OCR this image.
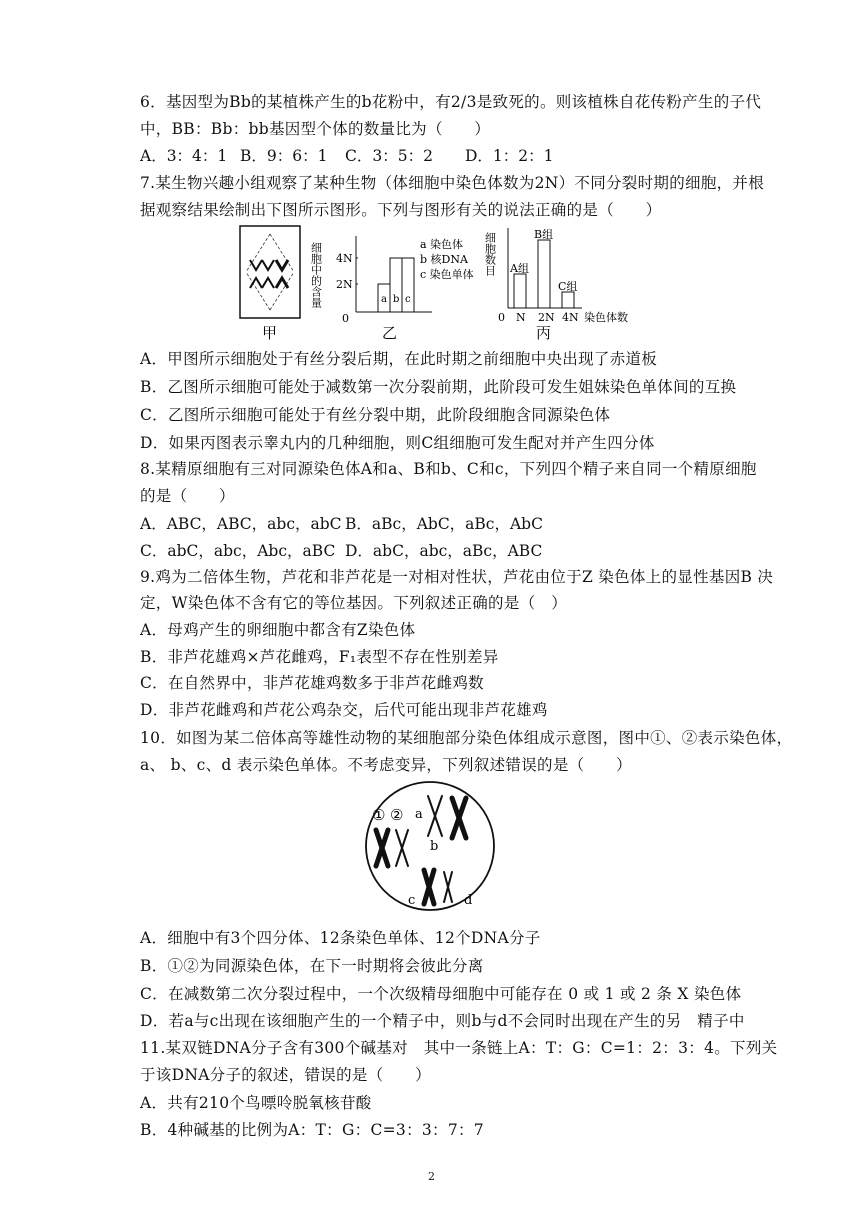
6．基因型为Bb的某植株产生的b花粉中，有2/3是致死的。则该植株自花传粉产生的子代
中，BB：Bb：bb基因型个体的数量比为（　　）
A．3：4：1 B．9：6：1 C．3：5：2 D．1：2：1
7.某生物兴趣小组观察了某种生物（体细胞中染色体数为2N）不同分裂时期的细胞，并根
据观察结果绘制出下图所示图形。下列与图形有关的说法正确的是（　　）
甲
细胞中的含量 4N
2N
0
a b c
a 染色体
b 核DNA
c 染色单体
乙
细胞数目 A组
B组
C组
0 N 2N 4N 染色体数
丙
A．甲图所示细胞处于有丝分裂后期，在此时期之前细胞中央出现了赤道板
B．乙图所示细胞可能处于减数第一次分裂前期，此阶段可发生姐妹染色单体间的互换
C．乙图所示细胞可能处于有丝分裂中期，此阶段细胞含同源染色体
D．如果丙图表示睾丸内的几种细胞，则C组细胞可发生配对并产生四分体
8.某精原细胞有三对同源染色体A和a、B和b、C和c，下列四个精子来自同一个精原细胞
的是（　　）
A．ABC，ABC，abc，abC B．aBc，AbC，aBc，AbC
C．abC，abc，Abc，aBC D．abC，abc，aBc，ABC
9.鸡为二倍体生物，芦花和非芦花是一对相对性状，芦花由位于Z 染色体上的显性基因B 决
定，W染色体不含有它的等位基因。下列叙述正确的是（　）
A．母鸡产生的卵细胞中都含有Z染色体
B．非芦花雄鸡×芦花雌鸡，F₁表型不存在性别差异
C．在自然界中，非芦花雄鸡数多于非芦花雌鸡数
D．非芦花雌鸡和芦花公鸡杂交，后代可能出现非芦花雄鸡
10．如图为某二倍体高等雄性动物的某细胞部分染色体组成示意图，图中①、②表示染色体，
a、 b、c、d 表示染色单体。不考虑变异，下列叙述错误的是（　　）
① ② a
b
c	d
A．细胞中有3个四分体、12条染色单体、12个DNA分子
B．①②为同源染色体，在下一时期将会彼此分离
C．在减数第二次分裂过程中，一个次级精母细胞中可能存在 0 或 1 或 2 条 X 染色体
D．若a与c出现在该细胞产生的一个精子中，则b与d不会同时出现在产生的另　精子中
11.某双链DNA分子含有300个碱基对　其中一条链上A：T：G：C=1：2：3：4。下列关
于该DNA分子的叙述，错误的是（　　）
A．共有210个鸟嘌呤脱氧核苷酸
B．4种碱基的比例为A：T：G：C=3：3：7：7
2
